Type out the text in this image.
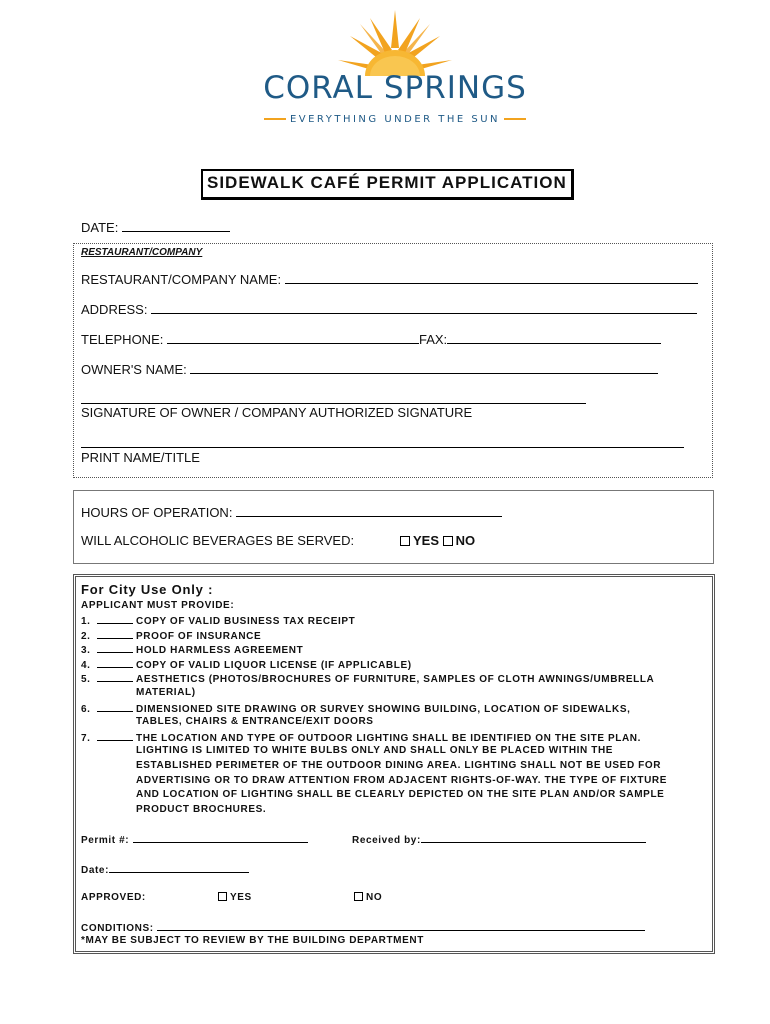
CORAL SPRINGS
EVERYTHING UNDER THE SUN
SIDEWALK CAFÉ PERMIT APPLICATION
DATE:
RESTAURANT/COMPANY
RESTAURANT/COMPANY NAME:
ADDRESS:
TELEPHONE:	FAX:
OWNER'S NAME:
SIGNATURE OF OWNER / COMPANY AUTHORIZED SIGNATURE
PRINT NAME/TITLE
HOURS OF OPERATION:
WILL ALCOHOLIC BEVERAGES BE SERVED:	YES NO
For City Use Only :
APPLICANT MUST PROVIDE:
1.	COPY OF VALID BUSINESS TAX RECEIPT
2.	PROOF OF INSURANCE
3.	HOLD HARMLESS AGREEMENT
4.	COPY OF VALID LIQUOR LICENSE (IF APPLICABLE)
5.	AESTHETICS (PHOTOS/BROCHURES OF FURNITURE, SAMPLES OF CLOTH AWNINGS/UMBRELLA
MATERIAL)
6.	DIMENSIONED SITE DRAWING OR SURVEY SHOWING BUILDING, LOCATION OF SIDEWALKS,
TABLES, CHAIRS & ENTRANCE/EXIT DOORS
7.	THE LOCATION AND TYPE OF OUTDOOR LIGHTING SHALL BE IDENTIFIED ON THE SITE PLAN.
LIGHTING IS LIMITED TO WHITE BULBS ONLY AND SHALL ONLY BE PLACED WITHIN THE
ESTABLISHED PERIMETER OF THE OUTDOOR DINING AREA. LIGHTING SHALL NOT BE USED FOR
ADVERTISING OR TO DRAW ATTENTION FROM ADJACENT RIGHTS-OF-WAY. THE TYPE OF FIXTURE
AND LOCATION OF LIGHTING SHALL BE CLEARLY DEPICTED ON THE SITE PLAN AND/OR SAMPLE
PRODUCT BROCHURES.
Permit #:	Received by:
Date:
APPROVED:	YES	NO
CONDITIONS:
*MAY BE SUBJECT TO REVIEW BY THE BUILDING DEPARTMENT
